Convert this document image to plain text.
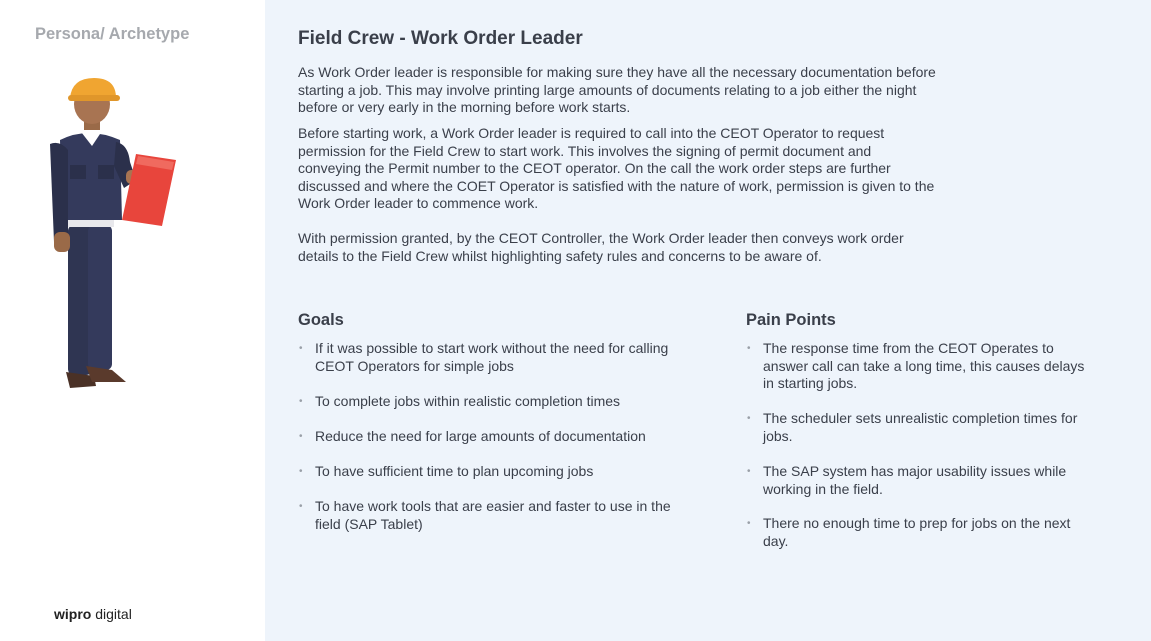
Persona/ Archetype
wipro digital
Field Crew - Work Order Leader

As Work Order leader is responsible for making sure they have all the necessary documentation before starting a job. This may involve printing large amounts of documents relating to a job either the night before or very early in the morning before work starts.

Before starting work, a Work Order leader is required to call into the CEOT Operator to request permission for the Field Crew to start work. This involves the signing of permit document and conveying the Permit number to the CEOT operator. On the call the work order steps are further discussed and where the COET Operator is satisfied with the nature of work, permission is given to the Work Order leader to commence work.

With permission granted, by the CEOT Controller, the Work Order leader then conveys work order details to the Field Crew whilst highlighting safety rules and concerns to be aware of.

Goals
• If it was possible to start work without the need for calling CEOT Operators for simple jobs
• To complete jobs within realistic completion times
• Reduce the need for large amounts of documentation
• To have sufficient time to plan upcoming jobs
• To have work tools that are easier and faster to use in the field (SAP Tablet)
Pain Points
• The response time from the CEOT Operates to answer call can take a long time, this causes delays in starting jobs.
• The scheduler sets unrealistic completion times for jobs.
• The SAP system has major usability issues while working in the field.
• There no enough time to prep for jobs on the next day.
